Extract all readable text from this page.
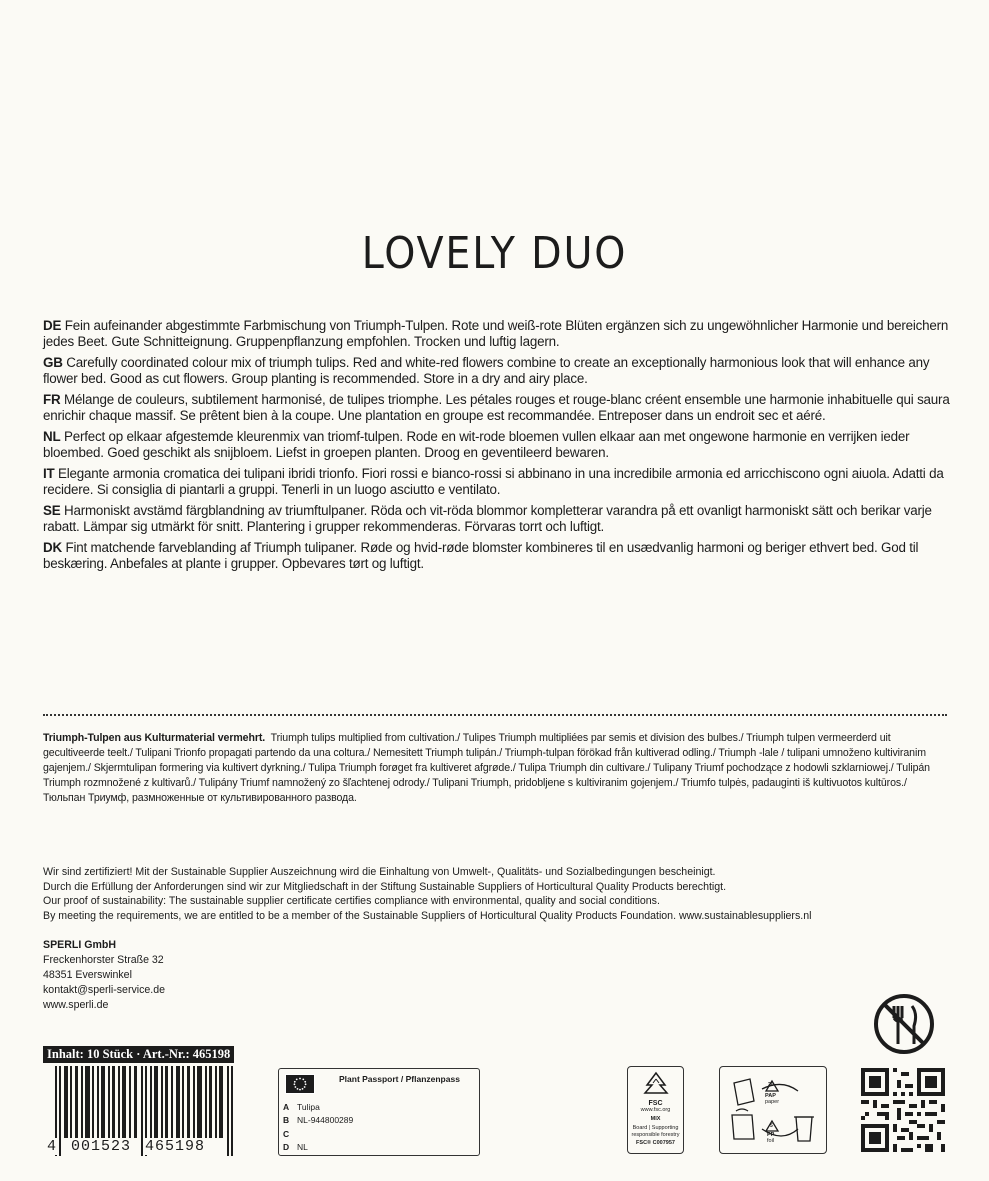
LOVELY DUO

DE Fein aufeinander abgestimmte Farbmischung von Triumph-Tulpen. Rote und weiß-rote Blüten ergänzen sich zu ungewöhnlicher Harmonie und bereichern jedes Beet. Gute Schnitteignung. Gruppenpflanzung empfohlen. Trocken und luftig lagern.

GB Carefully coordinated colour mix of triumph tulips. Red and white-red flowers combine to create an exceptionally harmonious look that will enhance any flower bed. Good as cut flowers. Group planting is recommended. Store in a dry and airy place.

FR Mélange de couleurs, subtilement harmonisé, de tulipes triomphe. Les pétales rouges et rouge-blanc créent ensemble une harmonie inhabituelle qui saura enrichir chaque massif. Se prêtent bien à la coupe. Une plantation en groupe est recommandée. Entreposer dans un endroit sec et aéré.

NL Perfect op elkaar afgestemde kleurenmix van triomf-tulpen. Rode en wit-rode bloemen vullen elkaar aan met ongewone harmonie en verrijken ieder bloembed. Goed geschikt als snijbloem. Liefst in groepen planten. Droog en geventileerd bewaren.

IT Elegante armonia cromatica dei tulipani ibridi trionfo. Fiori rossi e bianco-rossi si abbinano in una incredibile armonia ed arricchiscono ogni aiuola. Adatti da recidere. Si consiglia di piantarli a gruppi. Tenerli in un luogo asciutto e ventilato.

SE Harmoniskt avstämd färgblandning av triumftulpaner. Röda och vit-röda blommor kompletterar varandra på ett ovanligt harmoniskt sätt och berikar varje rabatt. Lämpar sig utmärkt för snitt. Plantering i grupper rekommenderas. Förvaras torrt och luftigt.

DK Fint matchende farveblanding af Triumph tulipaner. Røde og hvid-røde blomster kombineres til en usædvanlig harmoni og beriger ethvert bed. God til beskæring. Anbefales at plante i grupper. Opbevares tørt og luftigt.

Triumph-Tulpen aus Kulturmaterial vermehrt. Triumph tulips multiplied from cultivation./ Tulipes Triumph multipliées par semis et division des bulbes./ Triumph tulpen vermeerderd uit gecultiveerde teelt./ Tulipani Trionfo propagati partendo da una coltura./ Nemesitett Triumph tulipán./ Triumph-tulpan förökad från kultiverad odling./ Triumph -lale / tulipani umnoženo kultiviranim gajenjem./ Skjermtulipan formering via kultivert dyrkning./ Tulipa Triumph forøget fra kultiveret afgrøde./ Tulipa Triumph din cultivare./ Tulipany Triumf pochodzące z hodowli szklarniowej./ Tulipán Triumph rozmnožené z kultivarů./ Tulipány Triumf namnožený zo šľachtenej odrody./ Tulipani Triumph, pridobljene s kultiviranim gojenjem./ Triumfo tulpės, padauginti iš kultivuotos kultūros./ Тюльпан Триумф, размноженные от культивированного развода.
Wir sind zertifiziert! Mit der Sustainable Supplier Auszeichnung wird die Einhaltung von Umwelt-, Qualitäts- und Sozialbedingungen bescheinigt.
Durch die Erfüllung der Anforderungen sind wir zur Mitgliedschaft in der Stiftung Sustainable Suppliers of Horticultural Quality Products berechtigt.
Our proof of sustainability: The sustainable supplier certificate certifies compliance with environmental, quality and social conditions.
By meeting the requirements, we are entitled to be a member of the Sustainable Suppliers of Horticultural Quality Products Foundation. www.sustainablesuppliers.nl
SPERLI GmbH
Freckenhorster Straße 32
48351 Everswinkel
kontakt@sperli-service.de
www.sperli.de
Inhalt: 10 Stück · Art.-Nr.: 465198
4 001523 465198
Plant Passport / Pflanzenpass
A Tulipa
B NL-944800289
C
D NL
FSC
www.fsc.org
MIX
Board | Supporting responsible forestry
FSC® C007957
20
PAP
paper
5
PP
foil
